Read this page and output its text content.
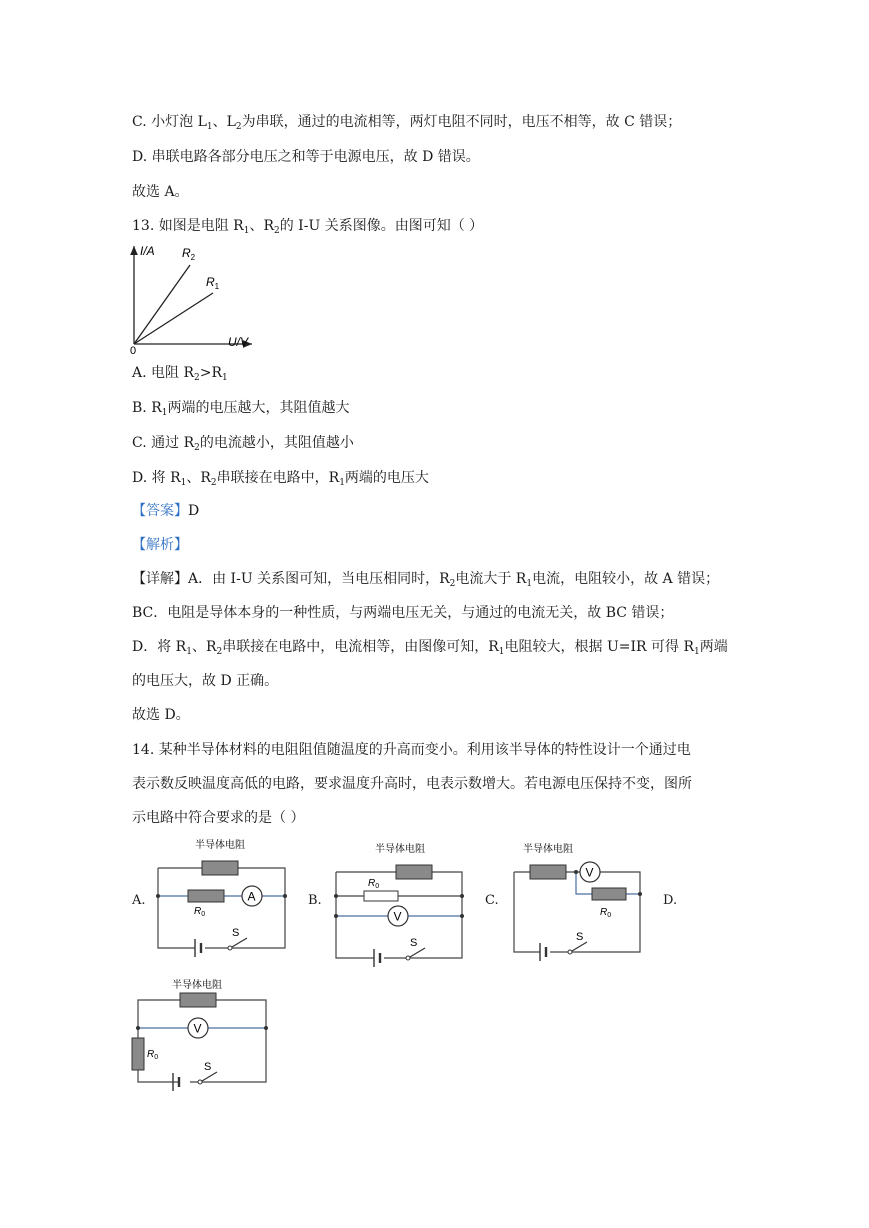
C. 小灯泡 $L_1$、$L_2$为串联，通过的电流相等，两灯电阻不同时，电压不相等，故 C 错误；
D. 串联电路各部分电压之和等于电源电压，故 D 错误。
故选 A。
13. 如图是电阻 $R_1$、$R_2$的 I-U 关系图像。由图可知（ ）
I/A
U/V
0
$R_2$
$R_1$
A. 电阻 $R_2>R_1$
B. $R_1$两端的电压越大，其阻值越大
C. 通过 $R_2$的电流越小，其阻值越小
D. 将 $R_1$、$R_2$串联接在电路中，$R_1$两端的电压大
【答案】D
【解析】
【详解】A．由 I-U 关系图可知，当电压相同时，$R_2$电流大于 $R_1$电流，电阻较小，故 A 错误；
BC．电阻是导体本身的一种性质，与两端电压无关，与通过的电流无关，故 BC 错误；
D．将 $R_1$、$R_2$串联接在电路中，电流相等，由图像可知，$R_1$电阻较大，根据 U=IR 可得 $R_1$两端
的电压大，故 D 正确。
故选 D。
14. 某种半导体材料的电阻阻值随温度的升高而变小。利用该半导体的特性设计一个通过电
表示数反映温度高低的电路，要求温度升高时，电表示数增大。若电源电压保持不变，图所
示电路中符合要求的是（ ）
A.	B.	C.	D.
半导体电阻
A
$R_0$
S
半导体电阻
$R_0$
V
S
半导体电阻
V
$R_0$
S
半导体电阻
V
$R_0$
S
